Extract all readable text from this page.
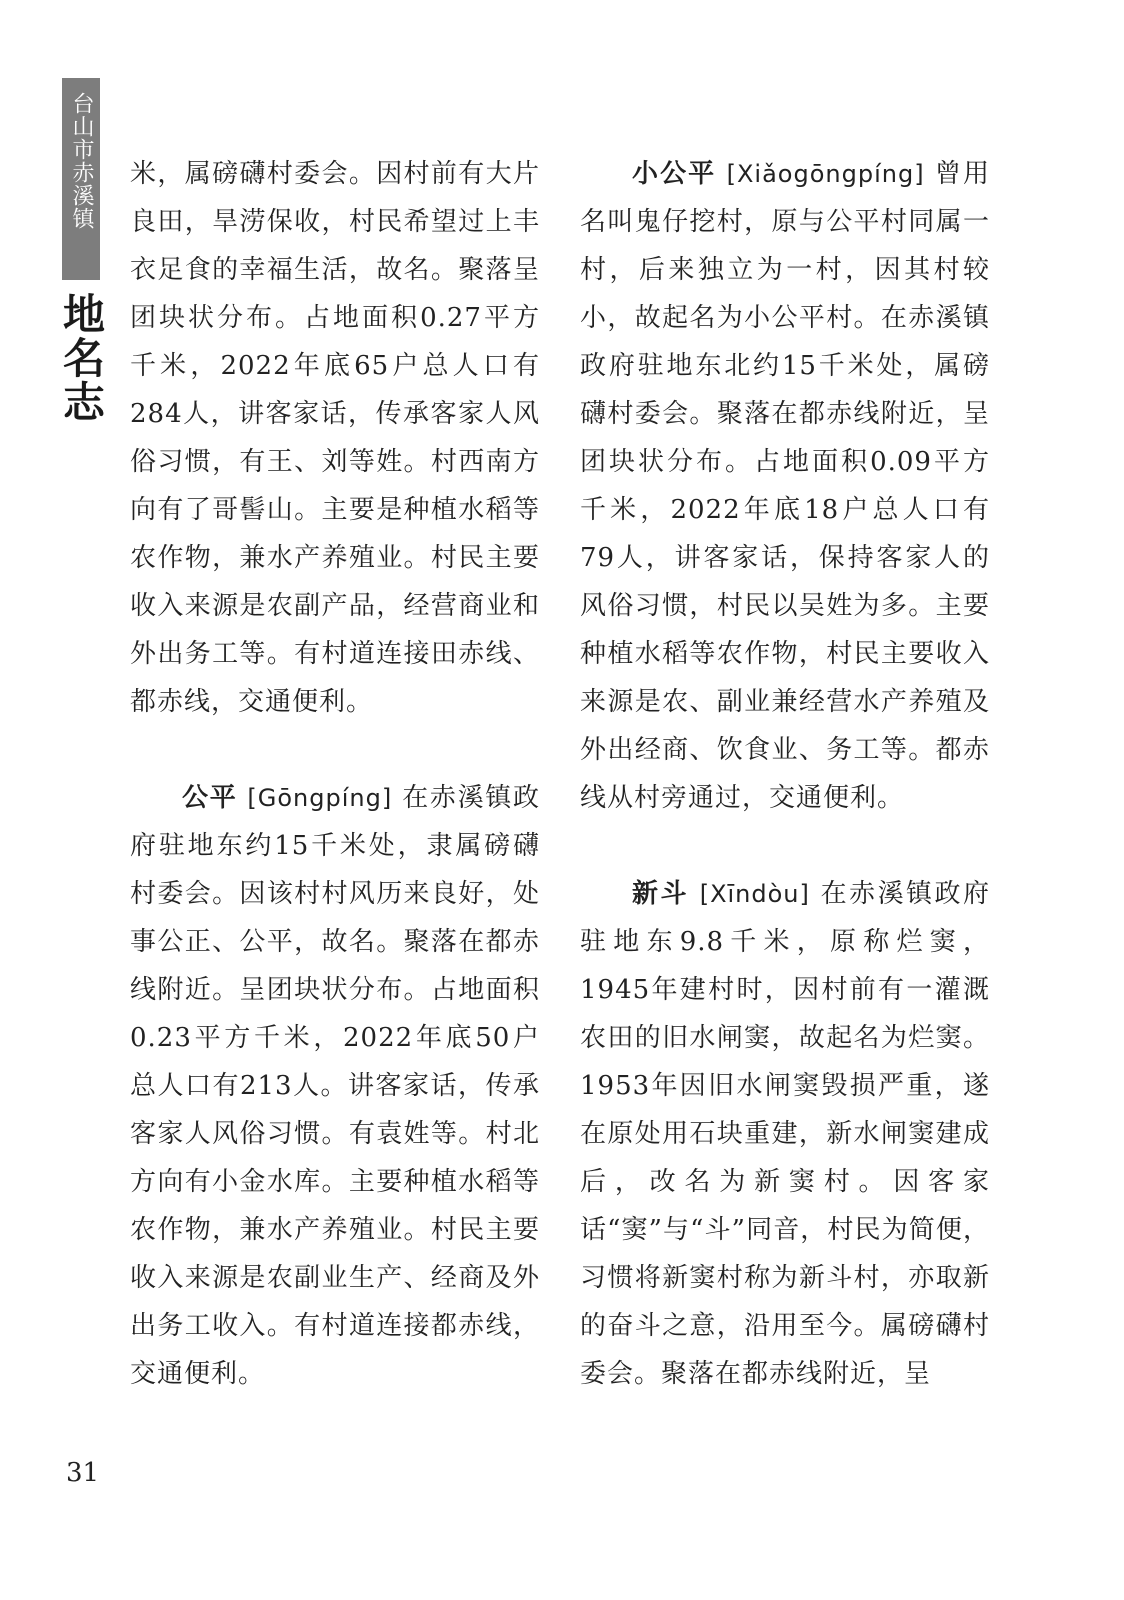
台山市赤溪镇
地名志

米，属磅礴村委会。因村前有大片良田，旱涝保收，村民希望过上丰衣足食的幸福生活，故名。聚落呈团块状分布。占地面积0.27平方千米，2022年底65户总人口有284人，讲客家话，传承客家人风俗习惯，有王、刘等姓。村西南方向有了哥髻山。主要是种植水稻等农作物，兼水产养殖业。村民主要收入来源是农副产品，经营商业和外出务工等。有村道连接田赤线、都赤线，交通便利。

公平 [Gōngpíng] 在赤溪镇政府驻地东约15千米处，隶属磅礴村委会。因该村村风历来良好，处事公正、公平，故名。聚落在都赤线附近。呈团块状分布。占地面积0.23平方千米，2022年底50户总人口有213人。讲客家话，传承客家人风俗习惯。有袁姓等。村北方向有小金水库。主要种植水稻等农作物，兼水产养殖业。村民主要收入来源是农副业生产、经商及外出务工收入。有村道连接都赤线，交通便利。

小公平 [Xiǎogōngpíng] 曾用名叫鬼仔挖村，原与公平村同属一村，后来独立为一村，因其村较小，故起名为小公平村。在赤溪镇政府驻地东北约15千米处，属磅礴村委会。聚落在都赤线附近，呈团块状分布。占地面积0.09平方千米，2022年底18户总人口有79人，讲客家话，保持客家人的风俗习惯，村民以吴姓为多。主要种植水稻等农作物，村民主要收入来源是农、副业兼经营水产养殖及外出经商、饮食业、务工等。都赤线从村旁通过，交通便利。

新斗 [Xīndòu] 在赤溪镇政府驻地东9.8千米，原称烂窦，1945年建村时，因村前有一灌溉农田的旧水闸窦，故起名为烂窦。1953年因旧水闸窦毁损严重，遂在原处用石块重建，新水闸窦建成后，改名为新窦村。因客家话“窦”与“斗”同音，村民为简便，习惯将新窦村称为新斗村，亦取新的奋斗之意，沿用至今。属磅礴村委会。聚落在都赤线附近，呈

31
